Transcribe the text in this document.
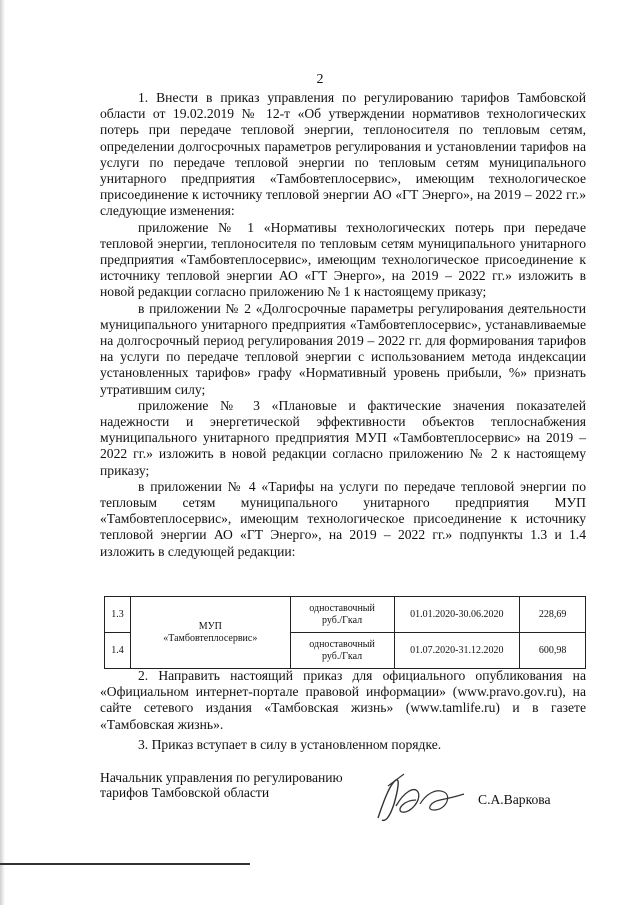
2

1. Внести в приказ управления по регулированию тарифов Тамбовской области от 19.02.2019 № 12-т «Об утверждении нормативов технологических потерь при передаче тепловой энергии, теплоносителя по тепловым сетям, определении долгосрочных параметров регулирования и установлении тарифов на услуги по передаче тепловой энергии по тепловым сетям муниципального унитарного предприятия «Тамбовтеплосервис», имеющим технологическое присоединение к источнику тепловой энергии АО «ГТ Энерго», на 2019 – 2022 гг.» следующие изменения:

приложение № 1 «Нормативы технологических потерь при передаче тепловой энергии, теплоносителя по тепловым сетям муниципального унитарного предприятия «Тамбовтеплосервис», имеющим технологическое присоединение к источнику тепловой энергии АО «ГТ Энерго», на 2019 – 2022 гг.» изложить в новой редакции согласно приложению № 1 к настоящему приказу;

в приложении № 2 «Долгосрочные параметры регулирования деятельности муниципального унитарного предприятия «Тамбовтеплосервис», устанавливаемые на долгосрочный период регулирования 2019 – 2022 гг. для формирования тарифов на услуги по передаче тепловой энергии с использованием метода индексации установленных тарифов» графу «Нормативный уровень прибыли, %» признать утратившим силу;

приложение № 3 «Плановые и фактические значения показателей надежности и энергетической эффективности объектов теплоснабжения муниципального унитарного предприятия МУП «Тамбовтеплосервис» на 2019 – 2022 гг.» изложить в новой редакции согласно приложению № 2 к настоящему приказу;

в приложении № 4 «Тарифы на услуги по передаче тепловой энергии по тепловым сетям муниципального унитарного предприятия МУП «Тамбовтеплосервис», имеющим технологическое присоединение к источнику тепловой энергии АО «ГТ Энерго», на 2019 – 2022 гг.» подпункты 1.3 и 1.4 изложить в следующей редакции:

1.3	МУП
«Тамбовтеплосервис»	одноставочный
руб./Гкал	01.01.2020-30.06.2020	228,69
1.4		одноставочный
руб./Гкал	01.07.2020-31.12.2020	600,98

2. Направить настоящий приказ для официального опубликования на «Официальном интернет-портале правовой информации» (www.pravo.gov.ru), на сайте сетевого издания «Тамбовская жизнь» (www.tamlife.ru) и в газете «Тамбовская жизнь».

3. Приказ вступает в силу в установленном порядке.

Начальник управления по регулированию
тарифов Тамбовской области	С.А.Варкова
